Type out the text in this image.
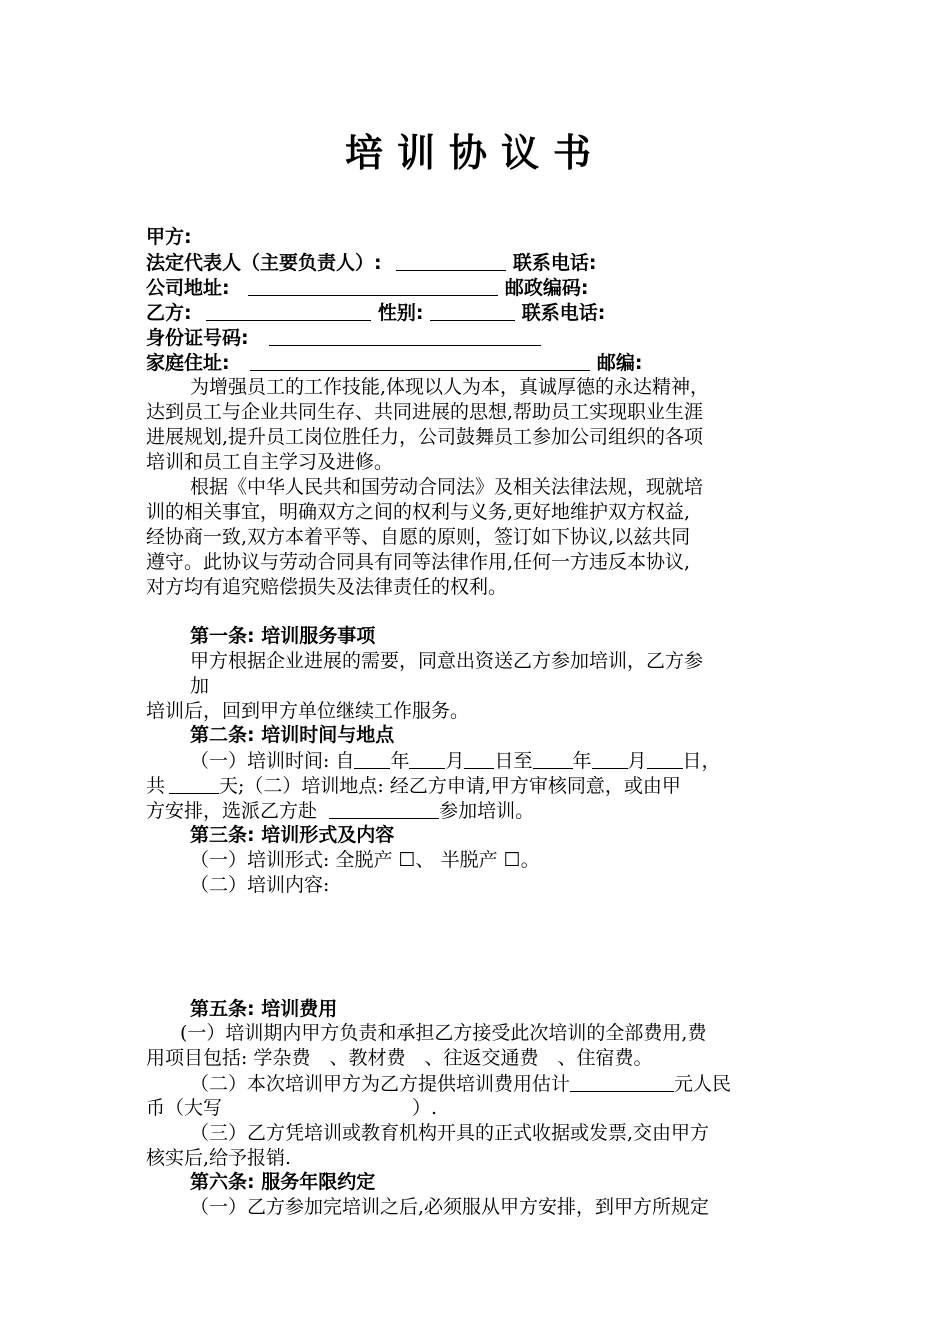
培训协议书
甲方:
法定代表人（主要负责人）:	联系电话:
公司地址:	邮政编码:
乙方:	性别:	联系电话:
身份证号码:
家庭住址:	邮编:
为增强员工的工作技能,体现以人为本，真诚厚德的永达精神，
达到员工与企业共同生存、共同进展的思想,帮助员工实现职业生涯
进展规划,提升员工岗位胜任力，公司鼓舞员工参加公司组织的各项
培训和员工自主学习及进修。
根据《中华人民共和国劳动合同法》及相关法律法规，现就培
训的相关事宜，明确双方之间的权利与义务,更好地维护双方权益,
经协商一致,双方本着平等、自愿的原则，签订如下协议,以兹共同
遵守。此协议与劳动合同具有同等法律作用,任何一方违反本协议,
对方均有追究赔偿损失及法律责任的权利。
第一条: 培训服务事项
甲方根据企业进展的需要，同意出资送乙方参加培训，乙方参
加
培训后，回到甲方单位继续工作服务。
第二条: 培训时间与地点
（一）培训时间: 自 年 月 日至 年 月 日，
共	天;（二）培训地点: 经乙方申请,甲方审核同意，或由甲
方安排，选派乙方赴	参加培训。
第三条: 培训形式及内容
（一）培训形式: 全脱产 ☐、 半脱产 ☐。
（二）培训内容:
第五条: 培训费用
(一）培训期内甲方负责和承担乙方接受此次培训的全部费用,费
用项目包括: 学杂费　、教材费　、往返交通费　、住宿费。
（二）本次培训甲方为乙方提供培训费用估计	元人民
币（大写　　　　　　　　　　）.
（三）乙方凭培训或教育机构开具的正式收据或发票,交由甲方
核实后,给予报销.
第六条: 服务年限约定
（一）乙方参加完培训之后,必须服从甲方安排，到甲方所规定
